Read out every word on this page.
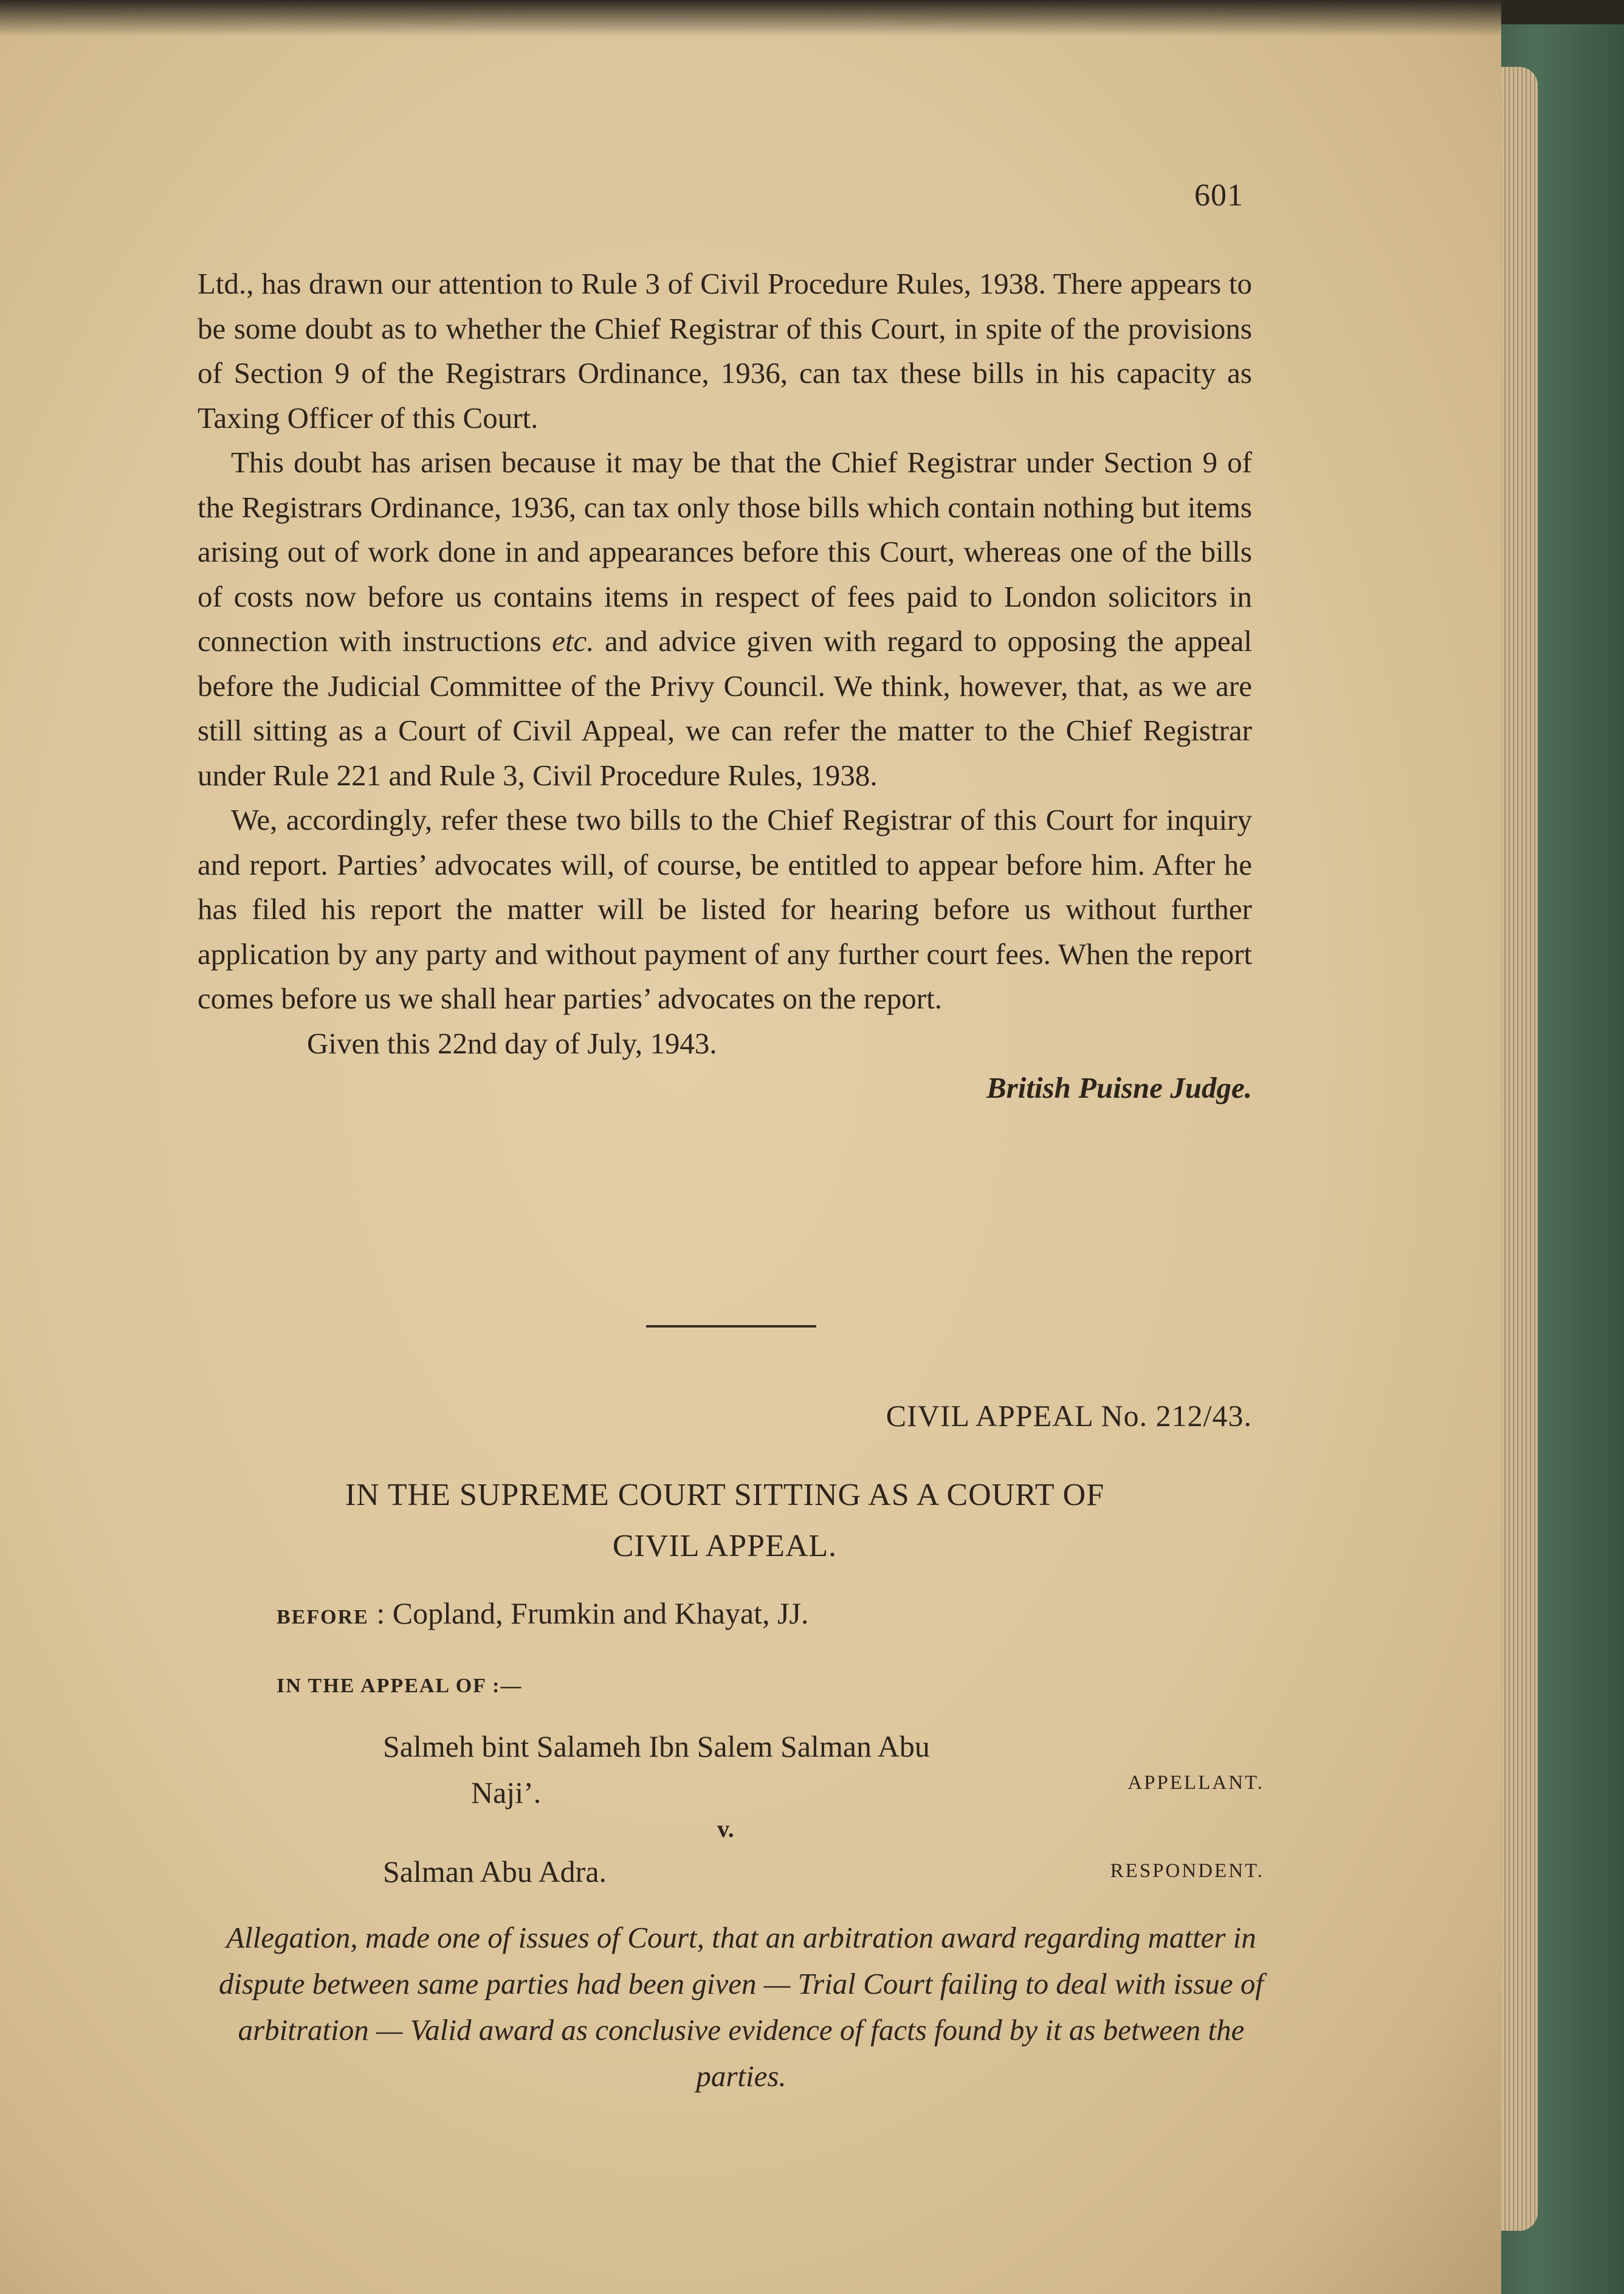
601

Ltd., has drawn our attention to Rule 3 of Civil Procedure Rules, 1938. There appears to be some doubt as to whether the Chief Registrar of this Court, in spite of the provisions of Section 9 of the Registrars Ordinance, 1936, can tax these bills in his capacity as Taxing Officer of this Court.

This doubt has arisen because it may be that the Chief Registrar under Section 9 of the Registrars Ordinance, 1936, can tax only those bills which contain nothing but items arising out of work done in and appearances before this Court, whereas one of the bills of costs now before us contains items in respect of fees paid to London solicitors in connection with instructions etc. and advice given with regard to opposing the appeal before the Judicial Committee of the Privy Council. We think, however, that, as we are still sitting as a Court of Civil Appeal, we can refer the matter to the Chief Registrar under Rule 221 and Rule 3, Civil Procedure Rules, 1938.

We, accordingly, refer these two bills to the Chief Registrar of this Court for inquiry and report. Parties’ advocates will, of course, be entitled to appear before him. After he has filed his report the matter will be listed for hearing before us without further application by any party and without payment of any further court fees. When the report comes before us we shall hear parties’ advocates on the report.

Given this 22nd day of July, 1943.

British Puisne Judge.
CIVIL APPEAL No. 212/43.
IN THE SUPREME COURT SITTING AS A COURT OF
CIVIL APPEAL.
BEFORE : Copland, Frumkin and Khayat, JJ.
IN THE APPEAL OF :—
Salmeh bint Salameh Ibn Salem Salman Abu
Naji’.	APPELLANT.
v.
Salman Abu Adra.	RESPONDENT.
Allegation, made one of issues of Court, that an arbitration award regarding matter in dispute between same parties had been given — Trial Court failing to deal with issue of arbitration — Valid award as conclusive evidence of facts found by it as between the parties.
